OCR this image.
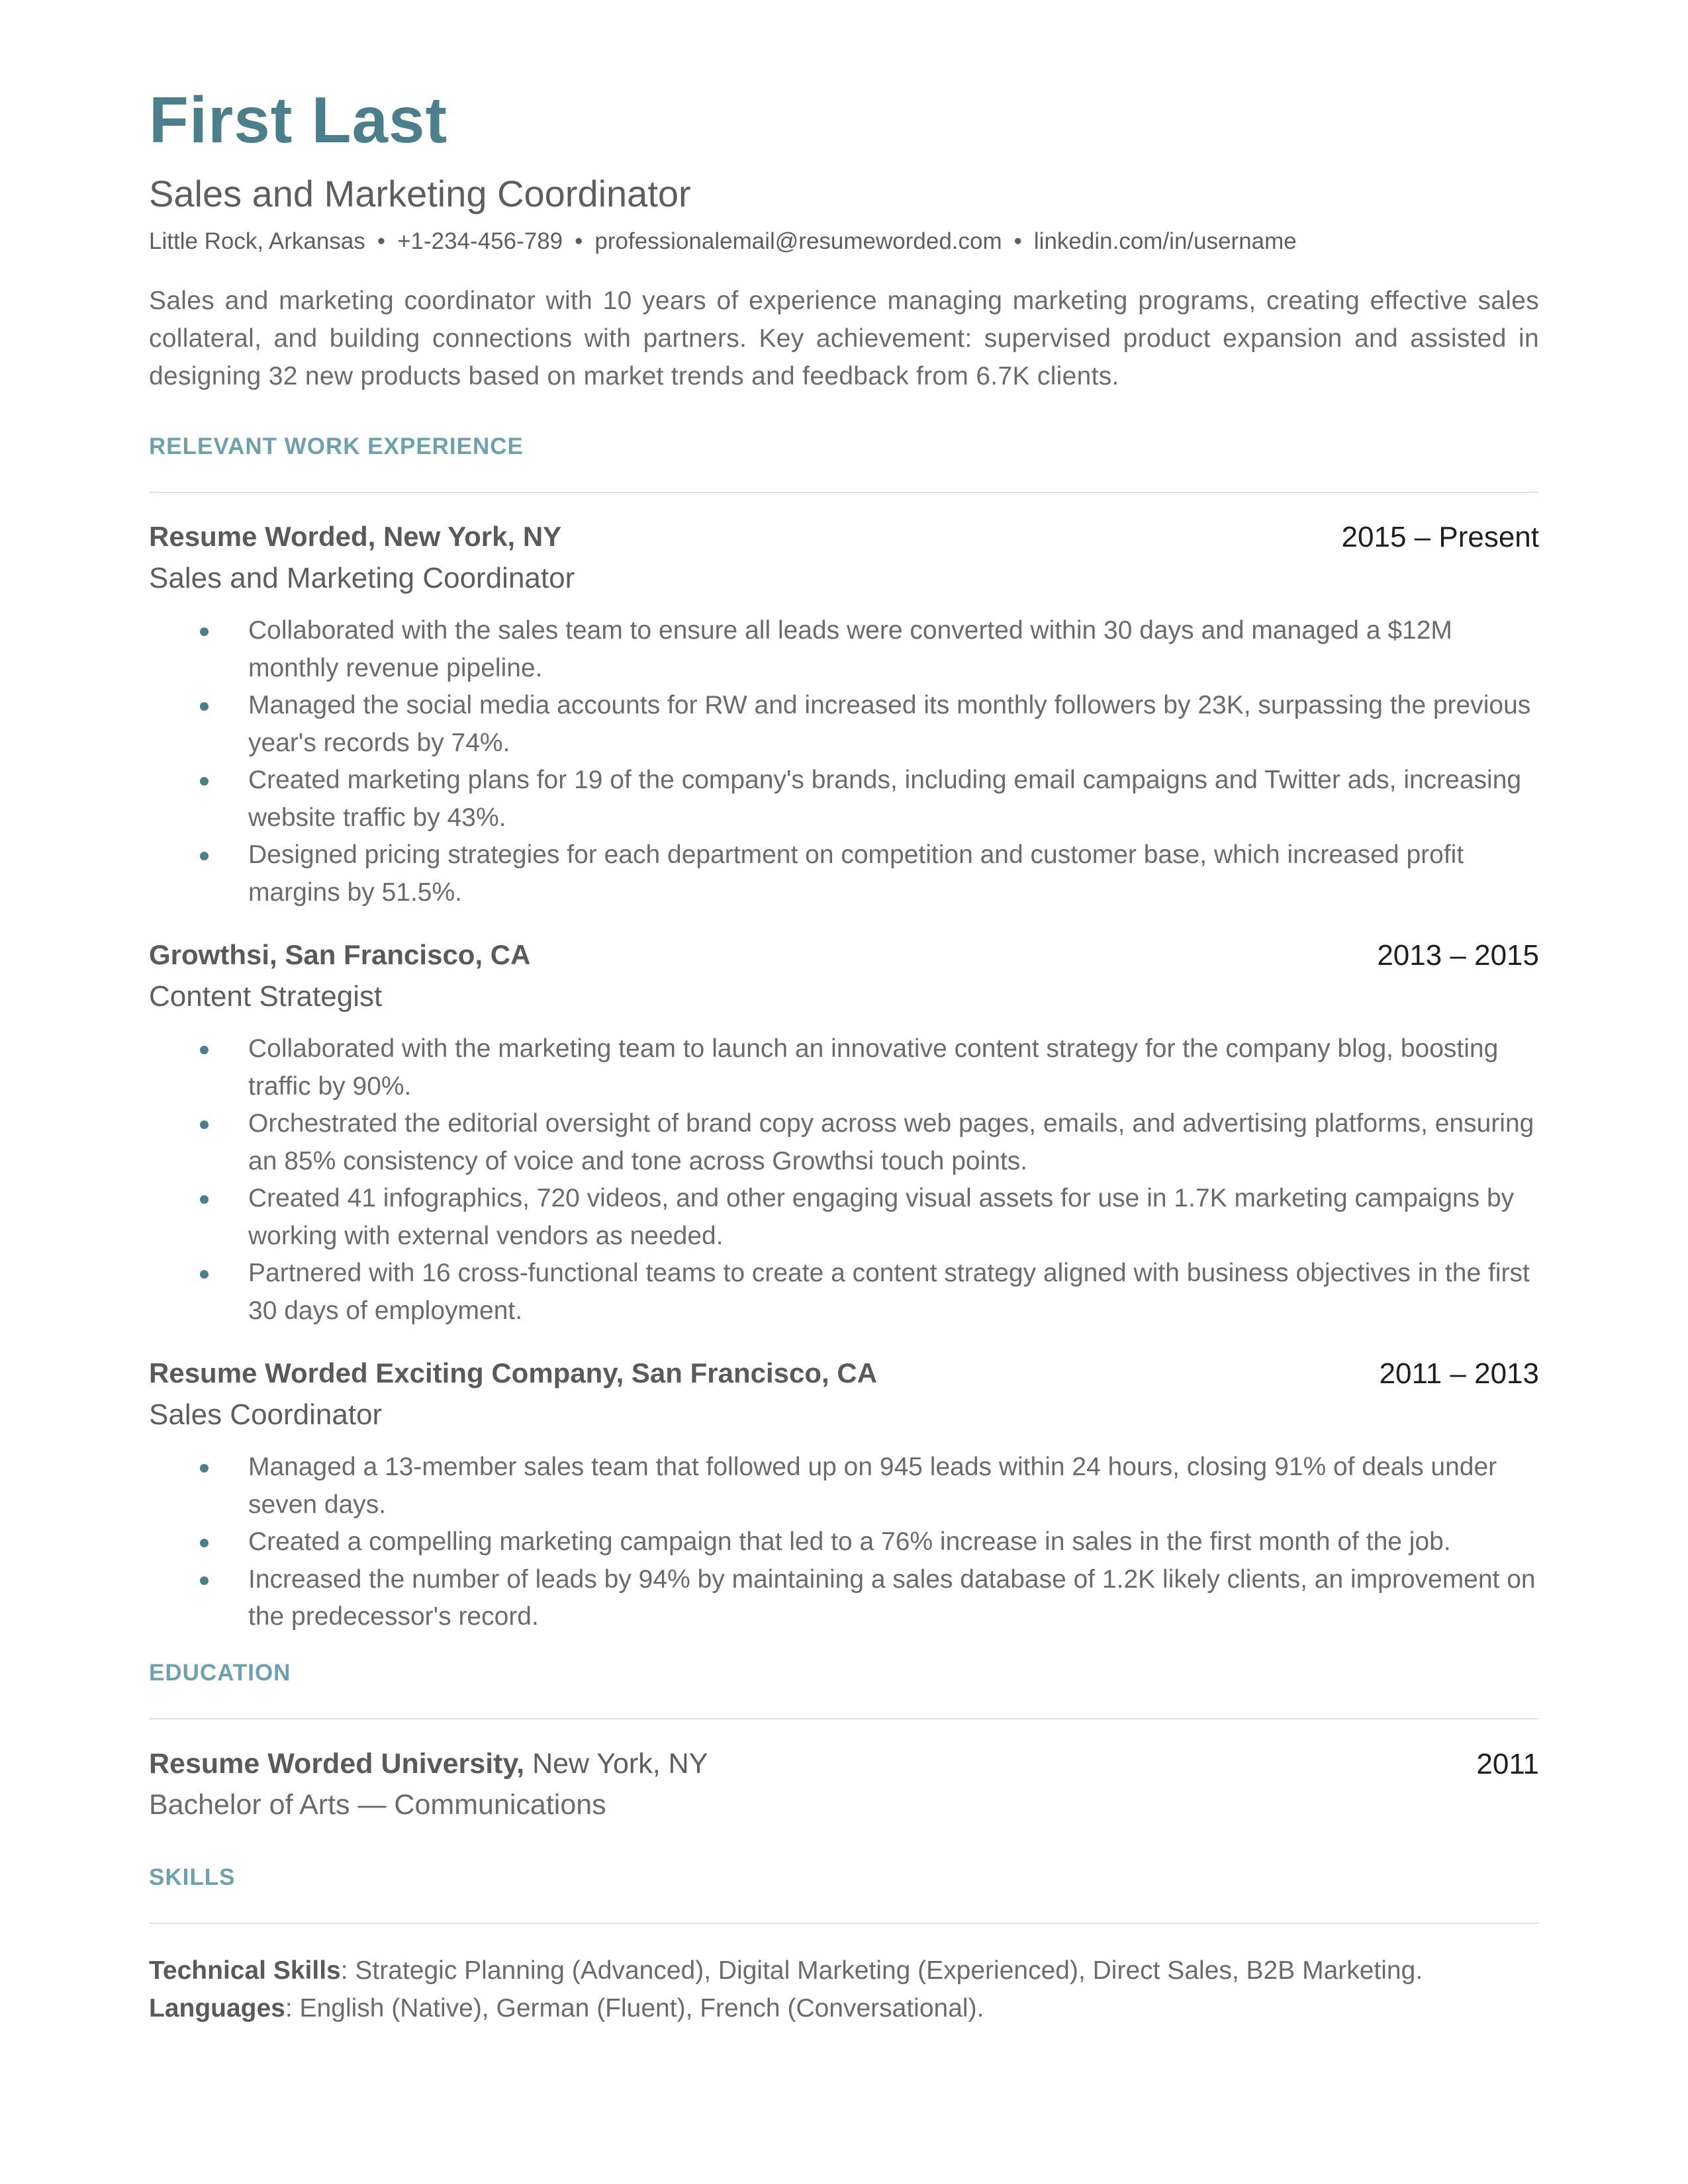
First Last
Sales and Marketing Coordinator
Little Rock, Arkansas • +1-234-456-789 • professionalemail@resumeworded.com • linkedin.com/in/username
Sales and marketing coordinator with 10 years of experience managing marketing programs, creating effective sales collateral, and building connections with partners. Key achievement: supervised product expansion and assisted in designing 32 new products based on market trends and feedback from 6.7K clients.
RELEVANT WORK EXPERIENCE
Resume Worded, New York, NY	2015 – Present
Sales and Marketing Coordinator
Collaborated with the sales team to ensure all leads were converted within 30 days and managed a $12M monthly revenue pipeline.
Managed the social media accounts for RW and increased its monthly followers by 23K, surpassing the previous year's records by 74%.
Created marketing plans for 19 of the company's brands, including email campaigns and Twitter ads, increasing website traffic by 43%.
Designed pricing strategies for each department on competition and customer base, which increased profit margins by 51.5%.
Growthsi, San Francisco, CA	2013 – 2015
Content Strategist
Collaborated with the marketing team to launch an innovative content strategy for the company blog, boosting traffic by 90%.
Orchestrated the editorial oversight of brand copy across web pages, emails, and advertising platforms, ensuring an 85% consistency of voice and tone across Growthsi touch points.
Created 41 infographics, 720 videos, and other engaging visual assets for use in 1.7K marketing campaigns by working with external vendors as needed.
Partnered with 16 cross-functional teams to create a content strategy aligned with business objectives in the first 30 days of employment.
Resume Worded Exciting Company, San Francisco, CA	2011 – 2013
Sales Coordinator
Managed a 13-member sales team that followed up on 945 leads within 24 hours, closing 91% of deals under seven days.
Created a compelling marketing campaign that led to a 76% increase in sales in the first month of the job.
Increased the number of leads by 94% by maintaining a sales database of 1.2K likely clients, an improvement on the predecessor's record.
EDUCATION
Resume Worded University, New York, NY	2011
Bachelor of Arts — Communications
SKILLS
Technical Skills: Strategic Planning (Advanced), Digital Marketing (Experienced), Direct Sales, B2B Marketing.
Languages: English (Native), German (Fluent), French (Conversational).
